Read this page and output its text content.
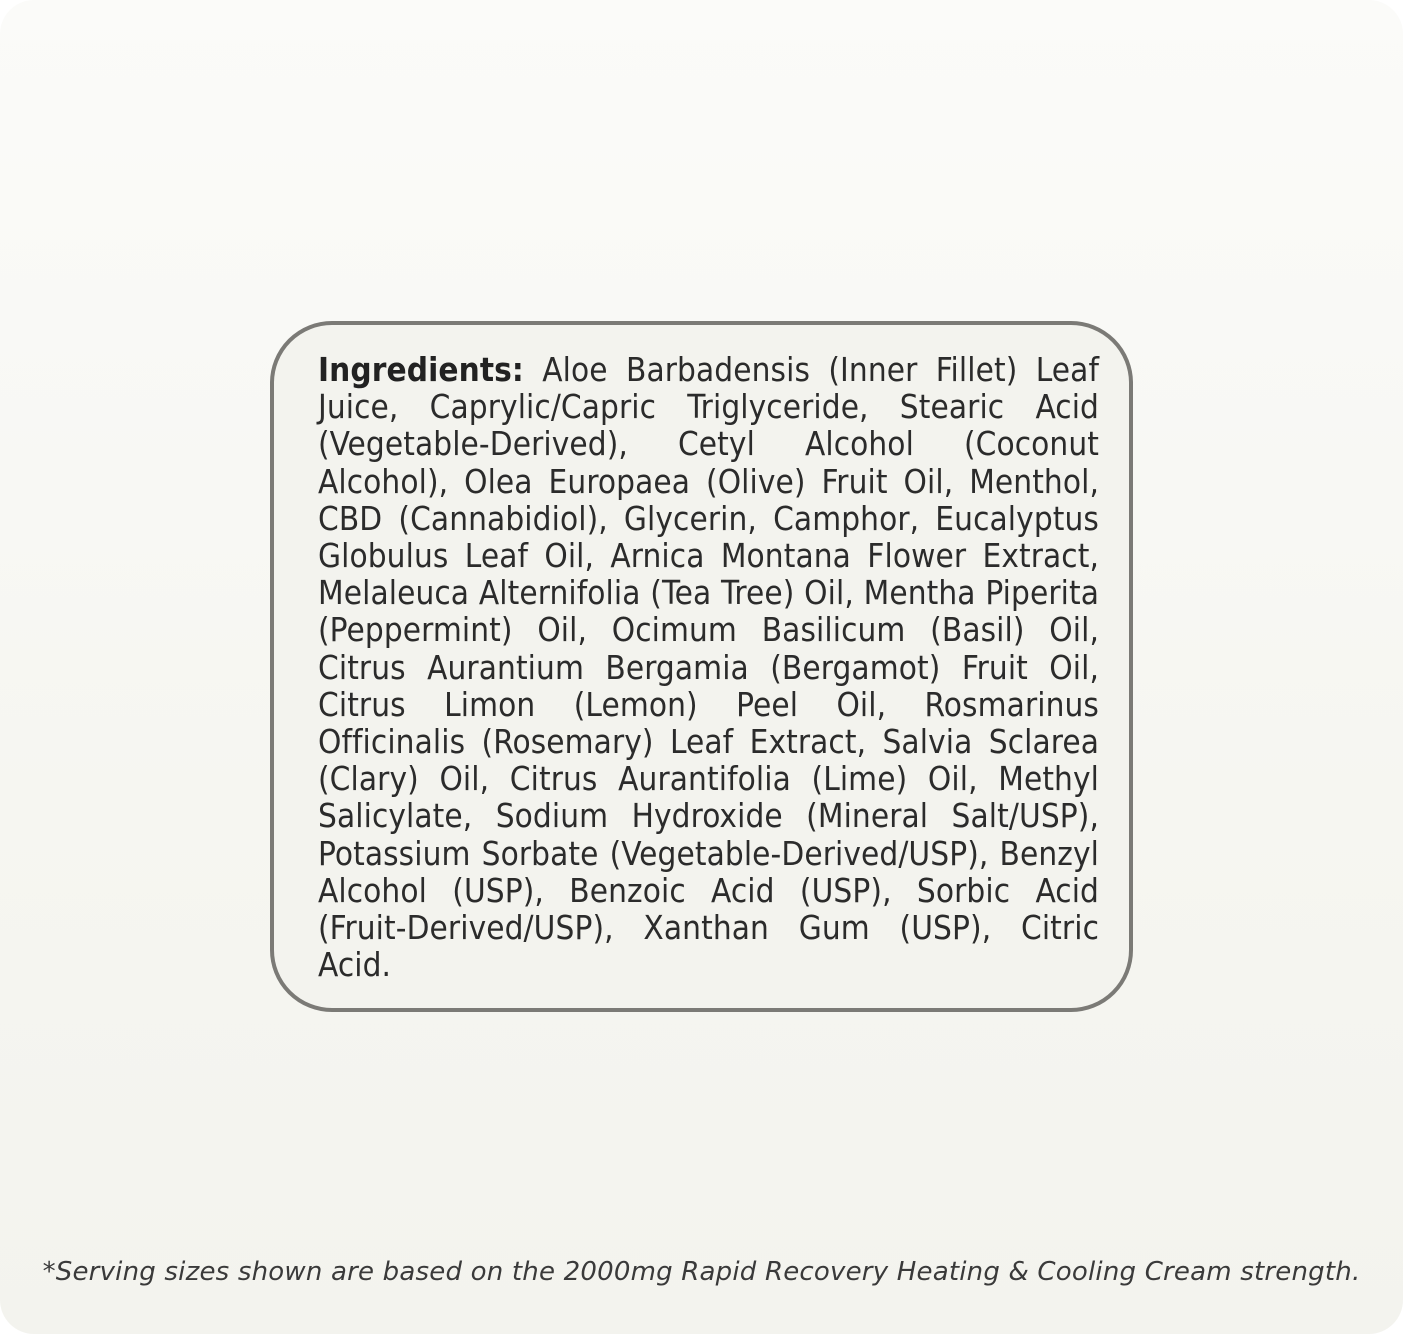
Ingredients: Aloe Barbadensis (Inner Fillet) Leaf Juice, Caprylic/Capric Triglyceride, Stearic Acid (Vegetable-Derived), Cetyl Alcohol (Coconut Alcohol), Olea Europaea (Olive) Fruit Oil, Menthol, CBD (Cannabidiol), Glycerin, Camphor, Eucalyptus Globulus Leaf Oil, Arnica Montana Flower Extract, Melaleuca Alternifolia (Tea Tree) Oil, Mentha Piperita (Peppermint) Oil, Ocimum Basilicum (Basil) Oil, Citrus Aurantium Bergamia (Bergamot) Fruit Oil, Citrus Limon (Lemon) Peel Oil, Rosmarinus Officinalis (Rosemary) Leaf Extract, Salvia Sclarea (Clary) Oil, Citrus Aurantifolia (Lime) Oil, Methyl Salicylate, Sodium Hydroxide (Mineral Salt/USP), Potassium Sorbate (Vegetable-Derived/USP), Benzyl Alcohol (USP), Benzoic Acid (USP), Sorbic Acid (Fruit-Derived/USP), Xanthan Gum (USP), Citric Acid.

*Serving sizes shown are based on the 2000mg Rapid Recovery Heating & Cooling Cream strength.
